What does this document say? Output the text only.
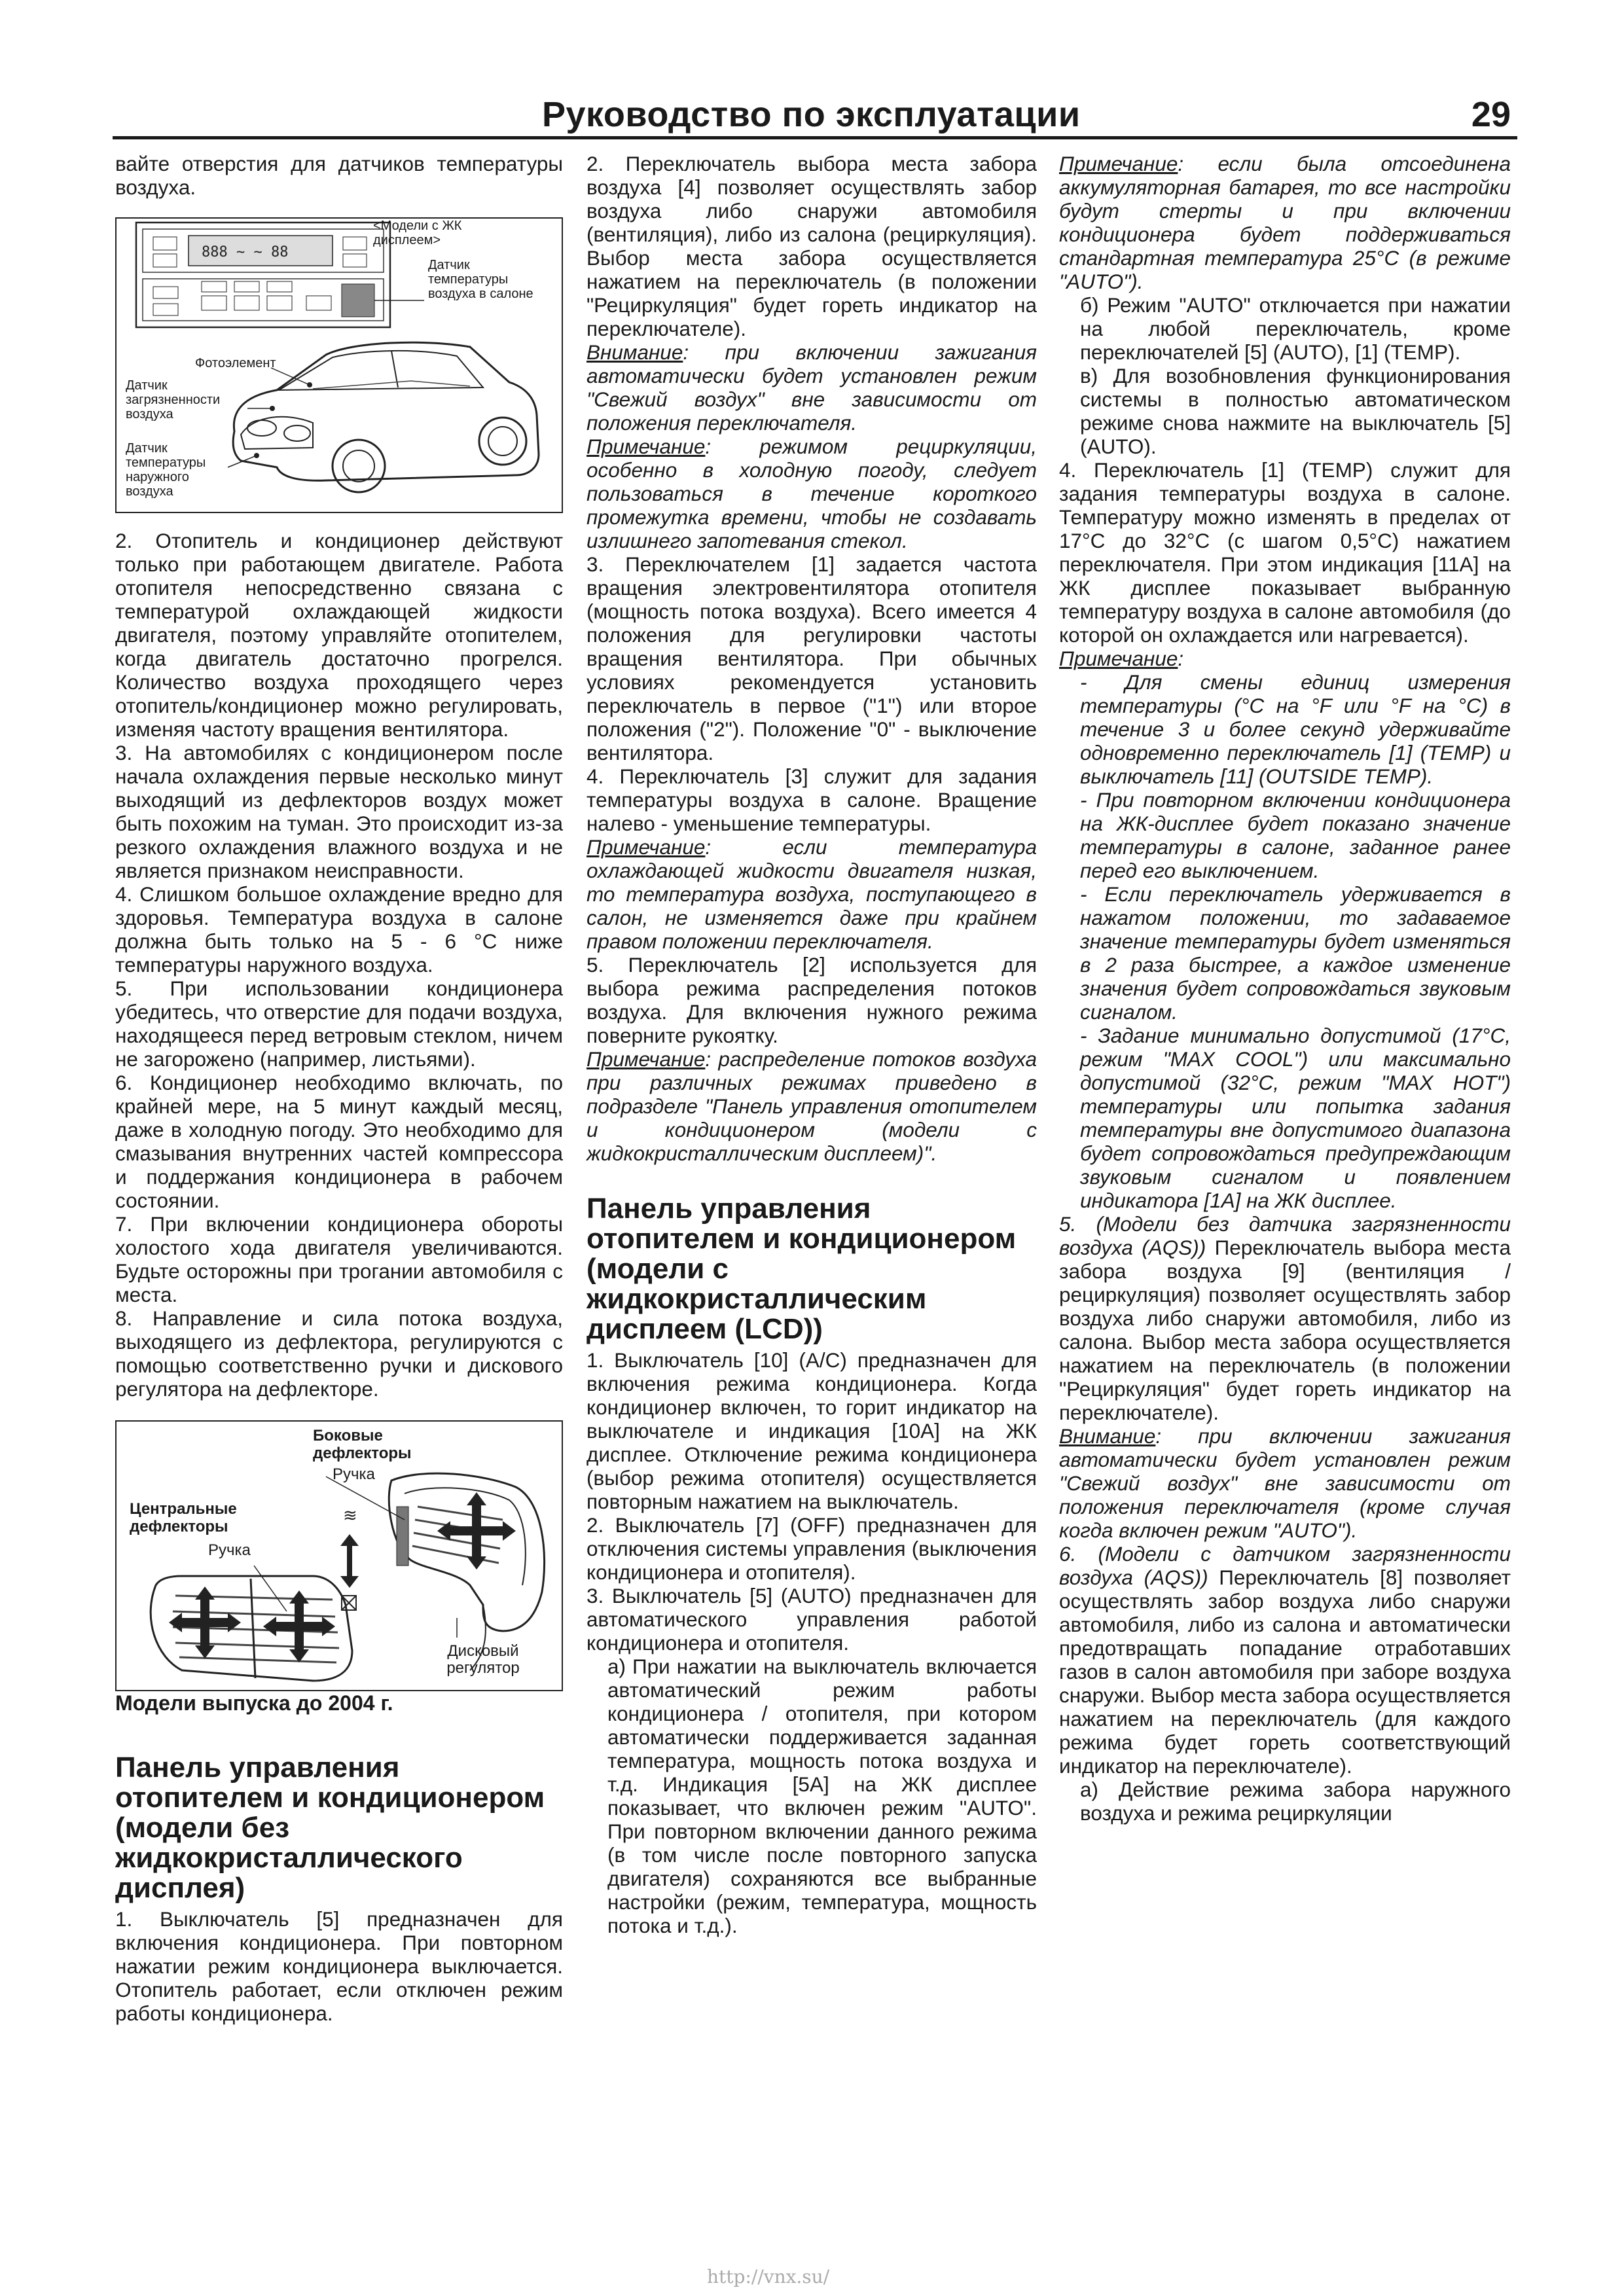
Руководство по эксплуатации	29

вайте отверстия для датчиков температуры воздуха.

888 ~ ~ 88
<Модели с ЖК дисплеем>
Датчик температуры воздуха в салоне
Фотоэлемент
Датчик загрязненности воздуха
Датчик температуры наружного воздуха

2. Отопитель и кондиционер действуют только при работающем двигателе. Работа отопителя непосредственно связана с температурой охлаждающей жидкости двигателя, поэтому управляйте отопителем, когда двигатель достаточно прогрелся. Количество воздуха проходящего через отопитель/кондиционер можно регулировать, изменяя частоту вращения вентилятора.

3. На автомобилях с кондиционером после начала охлаждения первые несколько минут выходящий из дефлекторов воздух может быть похожим на туман. Это происходит из-за резкого охлаждения влажного воздуха и не является признаком неисправности.

4. Слишком большое охлаждение вредно для здоровья. Температура воздуха в салоне должна быть только на 5 - 6 °C ниже температуры наружного воздуха.

5. При использовании кондиционера убедитесь, что отверстие для подачи воздуха, находящееся перед ветровым стеклом, ничем не загорожено (например, листьями).

6. Кондиционер необходимо включать, по крайней мере, на 5 минут каждый месяц, даже в холодную погоду. Это необходимо для смазывания внутренних частей компрессора и поддержания кондиционера в рабочем состоянии.

7. При включении кондиционера обороты холостого хода двигателя увеличиваются. Будьте осторожны при трогании автомобиля с места.

8. Направление и сила потока воздуха, выходящего из дефлектора, регулируются с помощью соответственно ручки и дискового регулятора на дефлекторе.

≋
Боковые дефлекторы
Ручка
Центральные дефлекторы
Ручка
Дисковый регулятор

Модели выпуска до 2004 г.

Панель управления отопителем и кондиционером (модели без жидкокристаллического дисплея)

1. Выключатель [5] предназначен для включения кондиционера. При повторном нажатии режим кондиционера выключается. Отопитель работает, если отключен режим работы кондиционера.

2. Переключатель выбора места забора воздуха [4] позволяет осуществлять забор воздуха либо снаружи автомобиля (вентиляция), либо из салона (рециркуляция). Выбор места забора осуществляется нажатием на переключатель (в положении "Рециркуляция" будет гореть индикатор на переключателе).

Внимание: при включении зажигания автоматически будет установлен режим "Свежий воздух" вне зависимости от положения переключателя.

Примечание: режимом рециркуляции, особенно в холодную погоду, следует пользоваться в течение короткого промежутка времени, чтобы не создавать излишнего запотевания стекол.

3. Переключателем [1] задается частота вращения электровентилятора отопителя (мощность потока воздуха). Всего имеется 4 положения для регулировки частоты вращения вентилятора. При обычных условиях рекомендуется установить переключатель в первое ("1") или второе положения ("2"). Положение "0" - выключение вентилятора.

4. Переключатель [3] служит для задания температуры воздуха в салоне. Вращение налево - уменьшение температуры.

Примечание: если температура охлаждающей жидкости двигателя низкая, то температура воздуха, поступающего в салон, не изменяется даже при крайнем правом положении переключателя.

5. Переключатель [2] используется для выбора режима распределения потоков воздуха. Для включения нужного режима поверните рукоятку.

Примечание: распределение потоков воздуха при различных режимах приведено в подразделе "Панель управления отопителем и кондиционером (модели с жидкокристаллическим дисплеем)".

Панель управления отопителем и кондиционером (модели с жидкокристаллическим дисплеем (LCD))

1. Выключатель [10] (A/C) предназначен для включения режима кондиционера. Когда кондиционер включен, то горит индикатор на выключателе и индикация [10A] на ЖК дисплее. Отключение режима кондиционера (выбор режима отопителя) осуществляется повторным нажатием на выключатель.

2. Выключатель [7] (OFF) предназначен для отключения системы управления (выключения кондиционера и отопителя).

3. Выключатель [5] (AUTO) предназначен для автоматического управления работой кондиционера и отопителя.

а) При нажатии на выключатель включается автоматический режим работы кондиционера / отопителя, при котором автоматически поддерживается заданная температура, мощность потока воздуха и т.д. Индикация [5A] на ЖК дисплее показывает, что включен режим "AUTO". При повторном включении данного режима (в том числе после повторного запуска двигателя) сохраняются все выбранные настройки (режим, температура, мощность потока и т.д.).

Примечание: если была отсоединена аккумуляторная батарея, то все настройки будут стерты и при включении кондиционера будет поддерживаться стандартная температура 25°C (в режиме "AUTO").

б) Режим "AUTO" отключается при нажатии на любой переключатель, кроме переключателей [5] (AUTO), [1] (TEMP).

в) Для возобновления функционирования системы в полностью автоматическом режиме снова нажмите на выключатель [5] (AUTO).

4. Переключатель [1] (TEMP) служит для задания температуры воздуха в салоне. Температуру можно изменять в пределах от 17°C до 32°C (с шагом 0,5°C) нажатием переключателя. При этом индикация [11A] на ЖК дисплее показывает выбранную температуру воздуха в салоне автомобиля (до которой он охлаждается или нагревается).

Примечание:

- Для смены единиц измерения температуры (°C на °F или °F на °C) в течение 3 и более секунд удерживайте одновременно переключатель [1] (TEMP) и выключатель [11] (OUTSIDE TEMP).

- При повторном включении кондиционера на ЖК-дисплее будет показано значение температуры в салоне, заданное ранее перед его выключением.

- Если переключатель удерживается в нажатом положении, то задаваемое значение температуры будет изменяться в 2 раза быстрее, а каждое изменение значения будет сопровождаться звуковым сигналом.

- Задание минимально допустимой (17°C, режим "MAX COOL") или максимально допустимой (32°C, режим "MAX HOT") температуры или попытка задания температуры вне допустимого диапазона будет сопровождаться предупреждающим звуковым сигналом и появлением индикатора [1A] на ЖК дисплее.

5. (Модели без датчика загрязненности воздуха (AQS)) Переключатель выбора места забора воздуха [9] (вентиляция / рециркуляция) позволяет осуществлять забор воздуха либо снаружи автомобиля, либо из салона. Выбор места забора осуществляется нажатием на переключатель (в положении "Рециркуляция" будет гореть индикатор на переключателе).

Внимание: при включении зажигания автоматически будет установлен режим "Свежий воздух" вне зависимости от положения переключателя (кроме случая когда включен режим "AUTO").

6. (Модели с датчиком загрязненности воздуха (AQS)) Переключатель [8] позволяет осуществлять забор воздуха либо снаружи автомобиля, либо из салона и автоматически предотвращать попадание отработавших газов в салон автомобиля при заборе воздуха снаружи. Выбор места забора осуществляется нажатием на переключатель (для каждого режима будет гореть соответствующий индикатор на переключателе).

а) Действие режима забора наружного воздуха и режима рециркуляции

http://vnx.su/
